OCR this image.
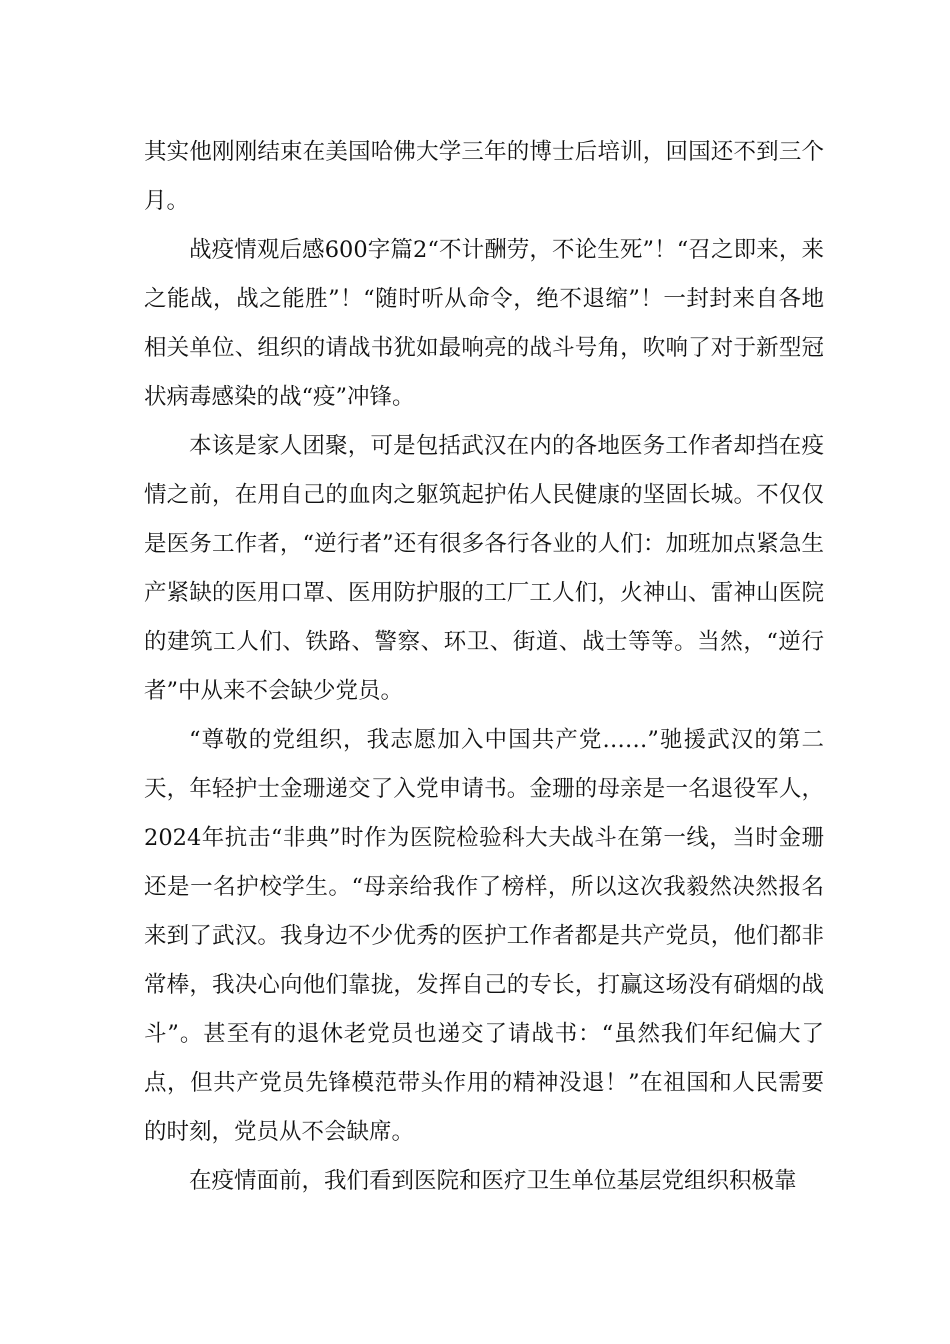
其实他刚刚结束在美国哈佛大学三年的博士后培训，回国还不到三个月。

战疫情观后感600字篇2“不计酬劳，不论生死”！“召之即来，来之能战，战之能胜”！“随时听从命令，绝不退缩”！一封封来自各地相关单位、组织的请战书犹如最响亮的战斗号角，吹响了对于新型冠状病毒感染的战“疫”冲锋。

本该是家人团聚，可是包括武汉在内的各地医务工作者却挡在疫情之前，在用自己的血肉之躯筑起护佑人民健康的坚固长城。不仅仅是医务工作者，“逆行者”还有很多各行各业的人们：加班加点紧急生产紧缺的医用口罩、医用防护服的工厂工人们，火神山、雷神山医院的建筑工人们、铁路、警察、环卫、街道、战士等等。当然，“逆行者”中从来不会缺少党员。

“尊敬的党组织，我志愿加入中国共产党……”驰援武汉的第二天，年轻护士金珊递交了入党申请书。金珊的母亲是一名退役军人，2024年抗击“非典”时作为医院检验科大夫战斗在第一线，当时金珊还是一名护校学生。“母亲给我作了榜样，所以这次我毅然决然报名来到了武汉。我身边不少优秀的医护工作者都是共产党员，他们都非常棒，我决心向他们靠拢，发挥自己的专长，打赢这场没有硝烟的战斗”。甚至有的退休老党员也递交了请战书：“虽然我们年纪偏大了点，但共产党员先锋模范带头作用的精神没退！”在祖国和人民需要的时刻，党员从不会缺席。

在疫情面前，我们看到医院和医疗卫生单位基层党组织积极靠
